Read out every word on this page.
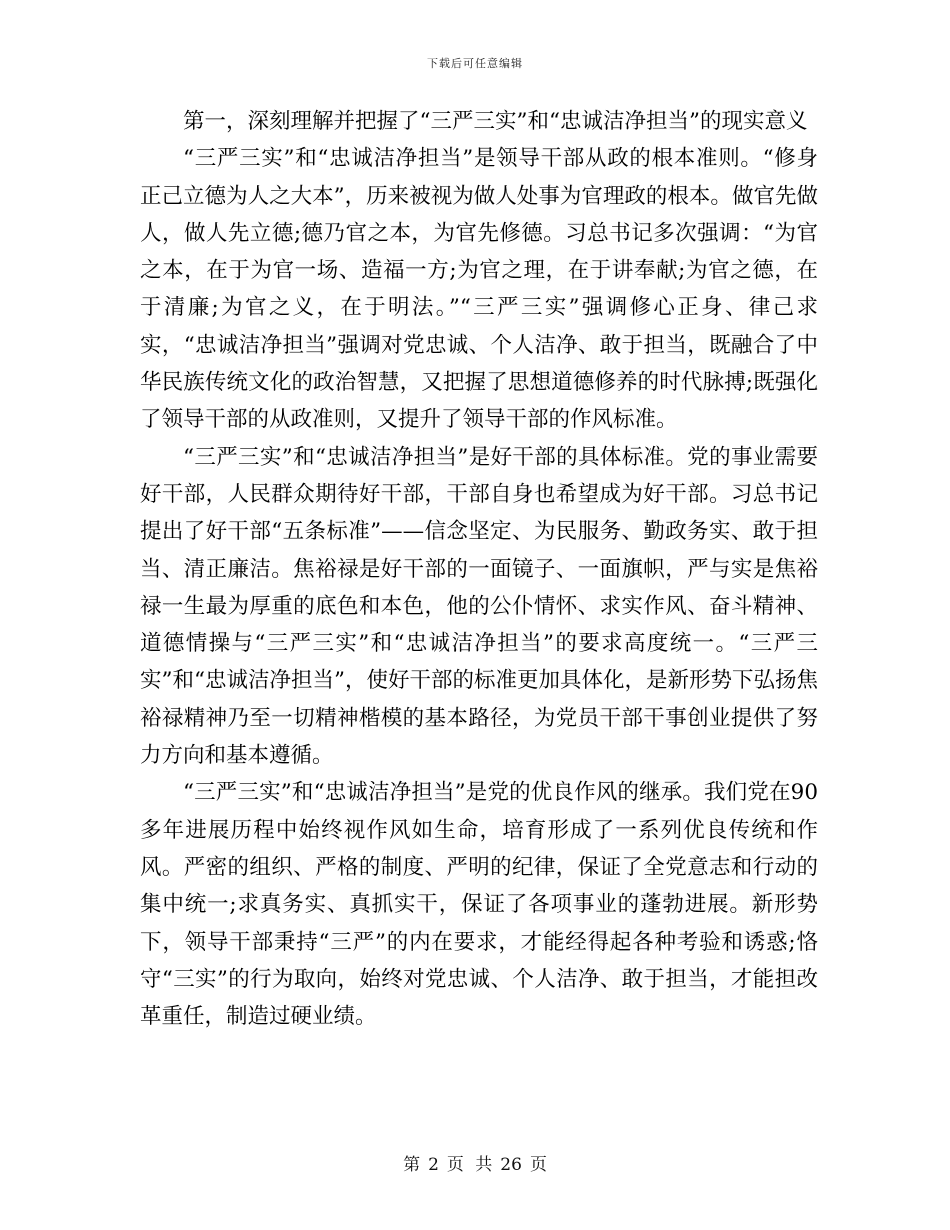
下载后可任意编辑

第一，深刻理解并把握了“三严三实”和“忠诚洁净担当”的现实意义

“三严三实”和“忠诚洁净担当”是领导干部从政的根本准则。“修身正己立德为人之大本”，历来被视为做人处事为官理政的根本。做官先做人，做人先立德;德乃官之本，为官先修德。习总书记多次强调：“为官之本，在于为官一场、造福一方;为官之理，在于讲奉献;为官之德，在于清廉;为官之义，在于明法。”“三严三实”强调修心正身、律己求实，“忠诚洁净担当”强调对党忠诚、个人洁净、敢于担当，既融合了中华民族传统文化的政治智慧，又把握了思想道德修养的时代脉搏;既强化了领导干部的从政准则，又提升了领导干部的作风标准。

“三严三实”和“忠诚洁净担当”是好干部的具体标准。党的事业需要好干部，人民群众期待好干部，干部自身也希望成为好干部。习总书记提出了好干部“五条标准”——信念坚定、为民服务、勤政务实、敢于担当、清正廉洁。焦裕禄是好干部的一面镜子、一面旗帜，严与实是焦裕禄一生最为厚重的底色和本色，他的公仆情怀、求实作风、奋斗精神、道德情操与“三严三实”和“忠诚洁净担当”的要求高度统一。“三严三实”和“忠诚洁净担当”，使好干部的标准更加具体化，是新形势下弘扬焦裕禄精神乃至一切精神楷模的基本路径，为党员干部干事创业提供了努力方向和基本遵循。

“三严三实”和“忠诚洁净担当”是党的优良作风的继承。我们党在90多年进展历程中始终视作风如生命，培育形成了一系列优良传统和作风。严密的组织、严格的制度、严明的纪律，保证了全党意志和行动的集中统一;求真务实、真抓实干，保证了各项事业的蓬勃进展。新形势下，领导干部秉持“三严”的内在要求，才能经得起各种考验和诱惑;恪守“三实”的行为取向，始终对党忠诚、个人洁净、敢于担当，才能担改革重任，制造过硬业绩。

第 2 页 共 26 页
